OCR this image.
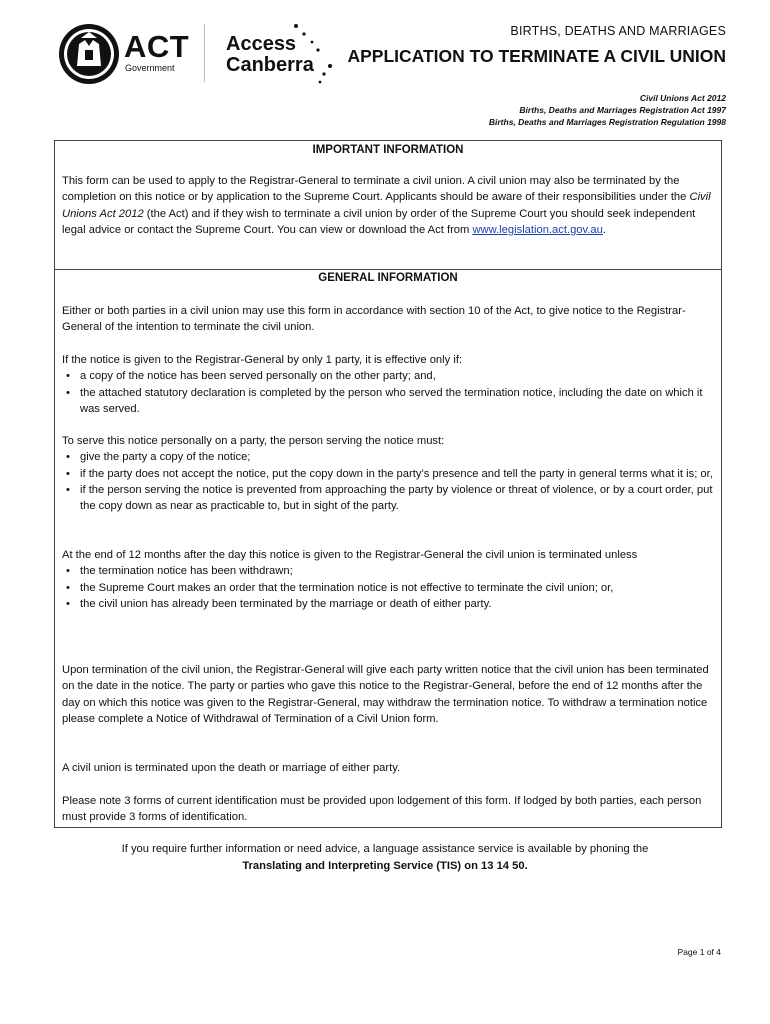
ACT
Government
Access
Canberra
BIRTHS, DEATHS AND MARRIAGES
APPLICATION TO TERMINATE A CIVIL UNION
Civil Unions Act 2012
Births, Deaths and Marriages Registration Act 1997
Births, Deaths and Marriages Registration Regulation 1998
IMPORTANT INFORMATION

This form can be used to apply to the Registrar-General to terminate a civil union. A civil union may also be terminated by the completion on this notice or by application to the Supreme Court. Applicants should be aware of their responsibilities under the Civil Unions Act 2012 (the Act) and if they wish to terminate a civil union by order of the Supreme Court you should seek independent legal advice or contact the Supreme Court. You can view or download the Act from www.legislation.act.gov.au.

GENERAL INFORMATION
Either or both parties in a civil union may use this form in accordance with section 10 of the Act, to give notice to the Registrar-General of the intention to terminate the civil union.

If the notice is given to the Registrar-General by only 1 party, it is effective only if:

• a copy of the notice has been served personally on the other party; and,
• the attached statutory declaration is completed by the person who served the termination notice, including the date on which it was served.

To serve this notice personally on a party, the person serving the notice must:

• give the party a copy of the notice;
• if the party does not accept the notice, put the copy down in the party’s presence and tell the party in general terms what it is; or,
• if the person serving the notice is prevented from approaching the party by violence or threat of violence, or by a court order, put the copy down as near as practicable to, but in sight of the party.

At the end of 12 months after the day this notice is given to the Registrar-General the civil union is terminated unless

• the termination notice has been withdrawn;
• the Supreme Court makes an order that the termination notice is not effective to terminate the civil union; or,
• the civil union has already been terminated by the marriage or death of either party.
Upon termination of the civil union, the Registrar-General will give each party written notice that the civil union has been terminated on the date in the notice. The party or parties who gave this notice to the Registrar-General, before the end of 12 months after the day on which this notice was given to the Registrar-General, may withdraw the termination notice. To withdraw a termination notice please complete a Notice of Withdrawal of Termination of a Civil Union form.
A civil union is terminated upon the death or marriage of either party.
Please note 3 forms of current identification must be provided upon lodgement of this form. If lodged by both parties, each person must provide 3 forms of identification.
If you require further information or need advice, a language assistance service is available by phoning the
Translating and Interpreting Service (TIS) on 13 14 50.
Page 1 of 4
